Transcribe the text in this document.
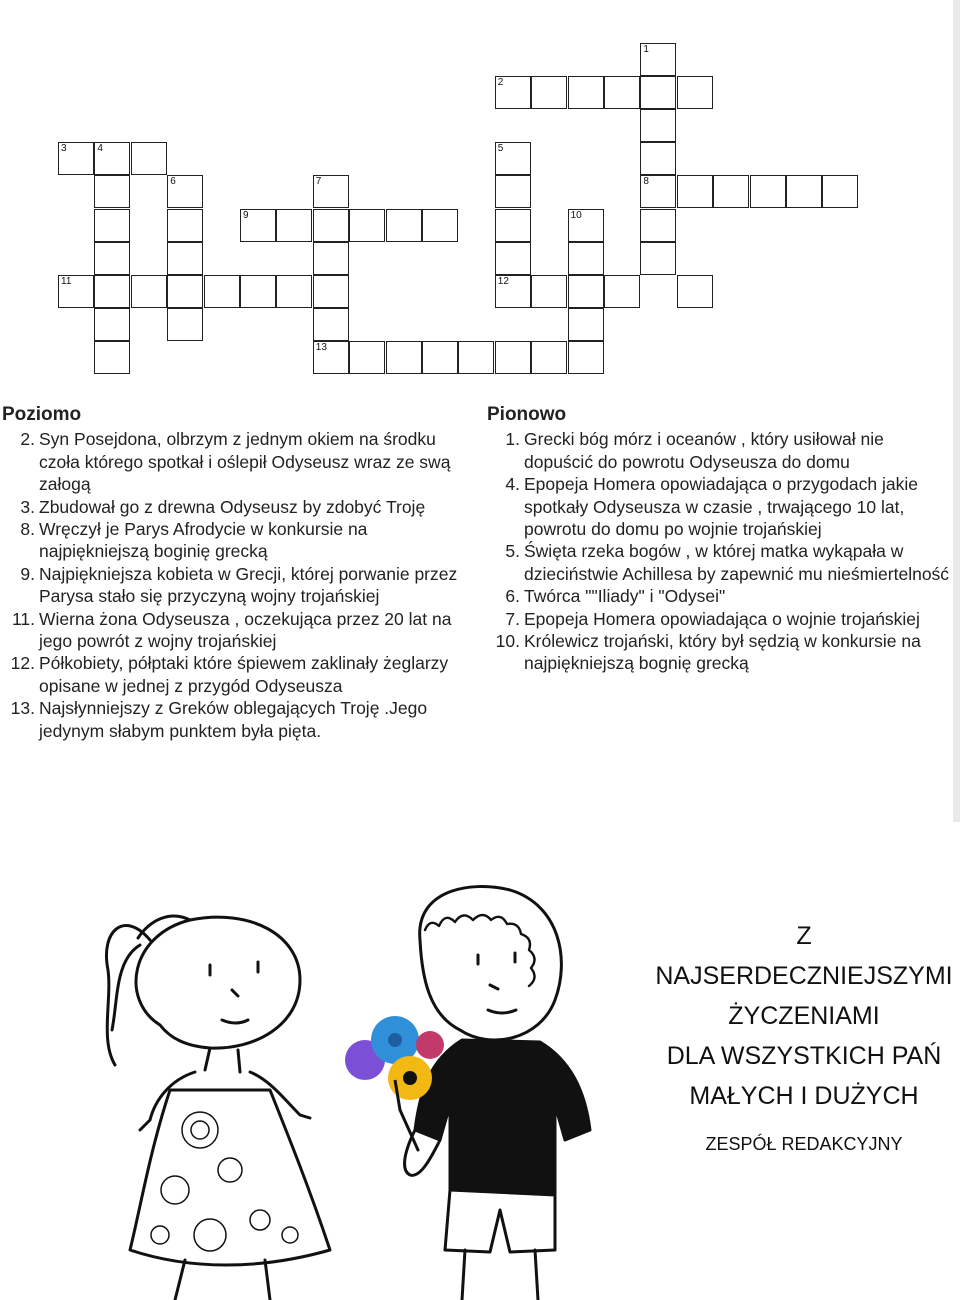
1
8
2
3	4
6
11
9
7
13
5
12
10
Poziomo
2. Syn Posejdona, olbrzym z jednym okiem na środku czoła którego spotkał i oślepił Odyseusz wraz ze swą załogą
3. Zbudował go z drewna Odyseusz by zdobyć Troję
8. Wręczył je Parys Afrodycie w konkursie na najpiękniejszą boginię grecką
9. Najpiękniejsza kobieta w Grecji, której porwanie przez Parysa stało się przyczyną wojny trojańskiej
11. Wierna żona Odyseusza , oczekująca przez 20 lat na jego powrót z wojny trojańskiej
12. Półkobiety, półptaki które śpiewem zaklinały żeglarzy opisane w jednej z przygód Odyseusza
13. Najsłynniejszy z Greków oblegających Troję .Jego jedynym słabym punktem była pięta.
Pionowo
1. Grecki bóg mórz i oceanów , który usiłował nie dopuścić do powrotu Odyseusza do domu
4. Epopeja Homera opowiadająca o przygodach jakie spotkały Odyseusza w czasie , trwającego 10 lat, powrotu do domu po wojnie trojańskiej
5. Święta rzeka bogów , w której matka wykąpała w dzieciństwie Achillesa by zapewnić mu nieśmiertelność
6. Twórca ""Iliady" i "Odysei"
7. Epopeja Homera opowiadająca o wojnie trojańskiej
10. Królewicz trojański, który był sędzią w konkursie na najpiękniejszą bognię grecką
Z NAJSERDECZNIEJSZYMI
ŻYCZENIAMI
DLA WSZYSTKICH PAŃ
MAŁYCH I DUŻYCH
ZESPÓŁ REDAKCYJNY
